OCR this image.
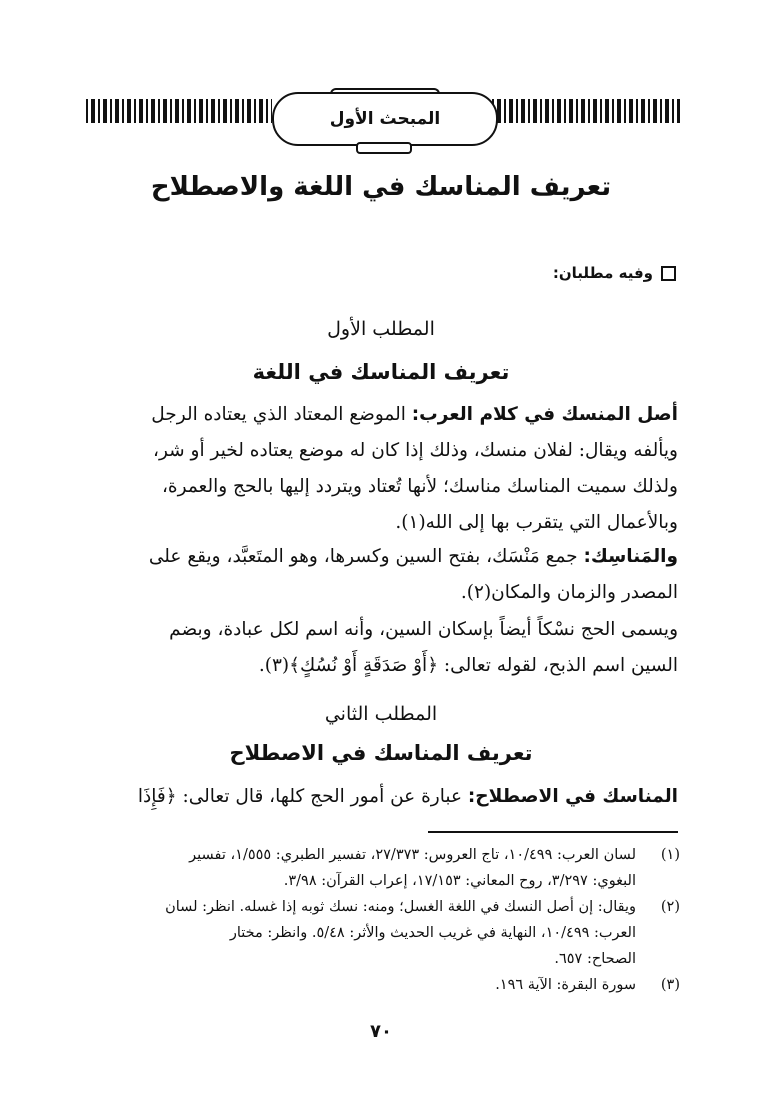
المبحث الأول
تعريف المناسك في اللغة والاصطلاح
وفيه مطلبان:
المطلب الأول
تعريف المناسك في اللغة
أصل المنسك في كلام العرب: الموضع المعتاد الذي يعتاده الرجل
ويألفه ويقال: لفلان منسك، وذلك إذا كان له موضع يعتاده لخير أو شر،
ولذلك سميت المناسك مناسك؛ لأنها تُعتاد ويتردد إليها بالحج والعمرة،
وبالأعمال التي يتقرب بها إلى الله(١).
والمَناسِك: جمع مَنْسَك، بفتح السين وكسرها، وهو المتَعبَّد، ويقع على
المصدر والزمان والمكان(٢).
ويسمى الحج نسْكاً أيضاً بإسكان السين، وأنه اسم لكل عبادة، وبضم
السين اسم الذبح، لقوله تعالى: ﴿أَوْ صَدَقَةٍ أَوْ نُسُكٍ﴾(٣).
المطلب الثاني
تعريف المناسك في الاصطلاح
المناسك في الاصطلاح: عبارة عن أمور الحج كلها، قال تعالى: ﴿فَإِذَا
(١)
لسان العرب: ١٠/٤٩٩، تاج العروس: ٢٧/٣٧٣، تفسير الطبري: ١/٥٥٥، تفسير
البغوي: ٣/٢٩٧، روح المعاني: ١٧/١٥٣، إعراب القرآن: ٣/٩٨.
(٢)
ويقال: إن أصل النسك في اللغة الغسل؛ ومنه: نسك ثوبه إذا غسله. انظر: لسان
العرب: ١٠/٤٩٩، النهاية في غريب الحديث والأثر: ٥/٤٨. وانظر: مختار
الصحاح: ٦٥٧.
(٣)
سورة البقرة: الآية ١٩٦.
٧٠
